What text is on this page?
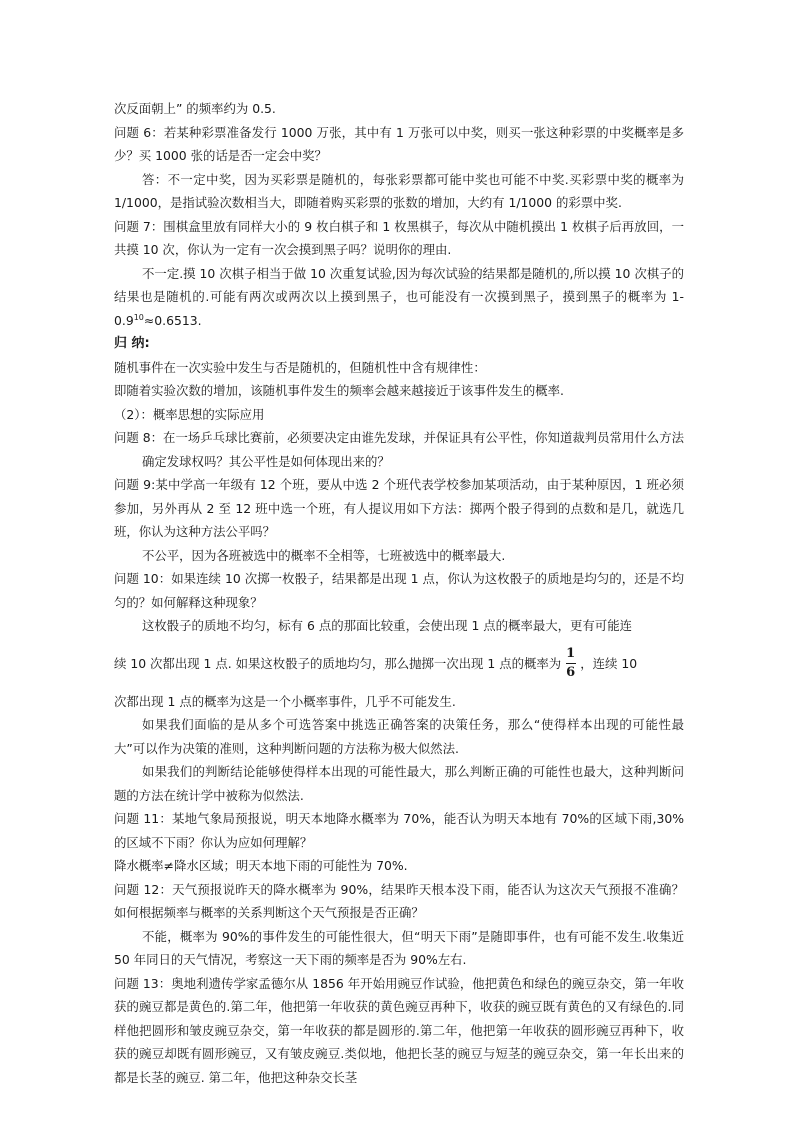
次反面朝上” 的频率约为 0.5.

问题 6：若某种彩票准备发行 1000 万张，其中有 1 万张可以中奖，则买一张这种彩票的中奖概率是多少？买 1000 张的话是否一定会中奖？

答：不一定中奖，因为买彩票是随机的，每张彩票都可能中奖也可能不中奖.买彩票中奖的概率为 1/1000，是指试验次数相当大，即随着购买彩票的张数的增加，大约有 1/1000 的彩票中奖.

问题 7：围棋盒里放有同样大小的 9 枚白棋子和 1 枚黑棋子，每次从中随机摸出 1 枚棋子后再放回，一共摸 10 次，你认为一定有一次会摸到黑子吗？说明你的理由.

不一定.摸 10 次棋子相当于做 10 次重复试验,因为每次试验的结果都是随机的,所以摸 10 次棋子的结果也是随机的.可能有两次或两次以上摸到黑子，也可能没有一次摸到黑子，摸到黑子的概率为 $1-0.9^{10}\approx 0.6513$.

归 纳:

随机事件在一次实验中发生与否是随机的，但随机性中含有规律性：

即随着实验次数的增加，该随机事件发生的频率会越来越接近于该事件发生的概率.

（2）：概率思想的实际应用

问题 8：在一场乒乓球比赛前，必须要决定由谁先发球，并保证具有公平性，你知道裁判员常用什么方法确定发球权吗？其公平性是如何体现出来的？

问题 9:某中学高一年级有 12 个班，要从中选 2 个班代表学校参加某项活动，由于某种原因，1 班必须参加，另外再从 2 至 12 班中选一个班，有人提议用如下方法：掷两个骰子得到的点数和是几，就选几班，你认为这种方法公平吗？

不公平，因为各班被选中的概率不全相等，七班被选中的概率最大.

问题 10：如果连续 10 次掷一枚骰子，结果都是出现 1 点，你认为这枚骰子的质地是均匀的，还是不均匀的？如何解释这种现象？

这枚骰子的质地不均匀，标有 6 点的那面比较重，会使出现 1 点的概率最大，更有可能连

续 10 次都出现 1 点. 如果这枚骰子的质地均匀，那么抛掷一次出现 1 点的概率为 $\frac{1}{6}$ ，连续 10

次都出现 1 点的概率为这是一个小概率事件，几乎不可能发生.

如果我们面临的是从多个可选答案中挑选正确答案的决策任务，那么“使得样本出现的可能性最大”可以作为决策的准则，这种判断问题的方法称为极大似然法.

如果我们的判断结论能够使得样本出现的可能性最大，那么判断正确的可能性也最大，这种判断问题的方法在统计学中被称为似然法.

问题 11：某地气象局预报说，明天本地降水概率为 70%，能否认为明天本地有 70%的区域下雨,30%的区域不下雨？你认为应如何理解？

降水概率≠降水区域；明天本地下雨的可能性为 70%.

问题 12：天气预报说昨天的降水概率为 90%，结果昨天根本没下雨，能否认为这次天气预报不准确？如何根据频率与概率的关系判断这个天气预报是否正确？

不能，概率为 90%的事件发生的可能性很大，但“明天下雨”是随即事件，也有可能不发生.收集近 50 年同日的天气情况，考察这一天下雨的频率是否为 90%左右.

问题 13：奥地利遗传学家孟德尔从 1856 年开始用豌豆作试验，他把黄色和绿色的豌豆杂交，第一年收获的豌豆都是黄色的.第二年，他把第一年收获的黄色豌豆再种下，收获的豌豆既有黄色的又有绿色的.同样他把圆形和皱皮豌豆杂交，第一年收获的都是圆形的.第二年，他把第一年收获的圆形豌豆再种下，收获的豌豆却既有圆形豌豆，又有皱皮豌豆.类似地，他把长茎的豌豆与短茎的豌豆杂交，第一年长出来的都是长茎的豌豆. 第二年，他把这种杂交长茎
